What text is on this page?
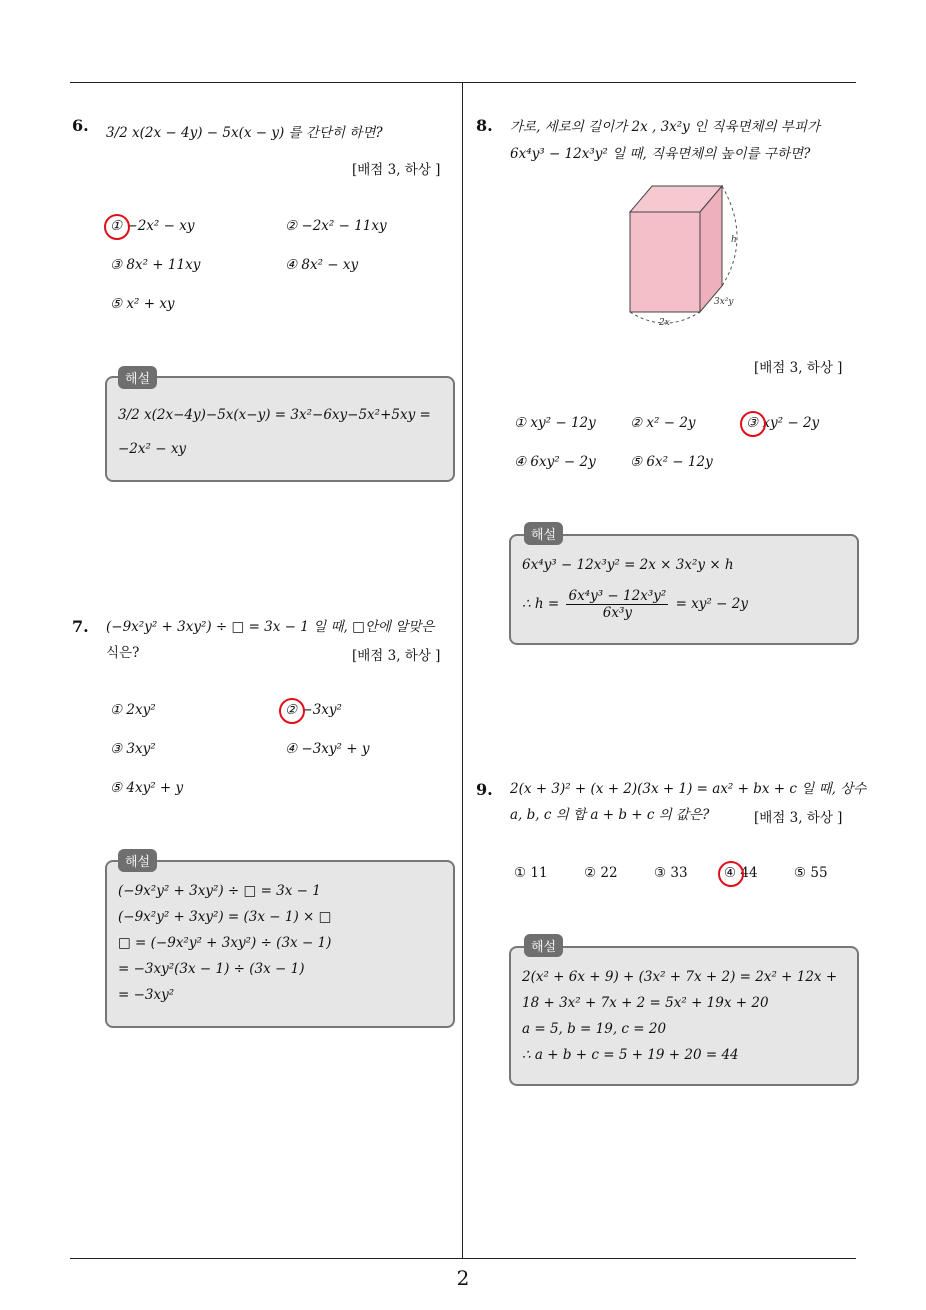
2
6. 3/2 x(2x − 4y) − 5x(x − y) 를 간단히 하면?
[배점 3, 하상 ]
① −2x² − xy	② −2x² − 11xy
③ 8x² + 11xy	④ 8x² − xy
⑤ x² + xy
해설
3/2 x(2x−4y)−5x(x−y) = 3x²−6xy−5x²+5xy =
−2x² − xy
7. (−9x²y² + 3xy²) ÷ □ = 3x − 1 일 때, □안에 알맞은
식은?	[배점 3, 하상 ]
① 2xy²	② −3xy²
③ 3xy²	④ −3xy² + y
⑤ 4xy² + y
해설
(−9x²y² + 3xy²) ÷ □ = 3x − 1
(−9x²y² + 3xy²) = (3x − 1) × □
□ = (−9x²y² + 3xy²) ÷ (3x − 1)
= −3xy²(3x − 1) ÷ (3x − 1)
= −3xy²
8. 가로, 세로의 길이가 2x , 3x²y 인 직육면체의 부피가
6x⁴y³ − 12x³y² 일 때, 직육면체의 높이를 구하면?
2x
3x²y
h
[배점 3, 하상 ]
① xy² − 12y	② x² − 2y	③ xy² − 2y
④ 6xy² − 2y	⑤ 6x² − 12y
해설
6x⁴y³ − 12x³y² = 2x × 3x²y × h
∴ $h = \frac{\text{6x⁴y³ − 12x³y²}}{\text{6x³y}} = xy^2 - 2y$
9. 2(x + 3)² + (x + 2)(3x + 1) = ax² + bx + c 일 때, 상수
a, b, c 의 합 a + b + c 의 값은?	[배점 3, 하상 ]
① 11	② 22	③ 33	④ 44	⑤ 55
해설
2(x² + 6x + 9) + (3x² + 7x + 2) = 2x² + 12x +
18 + 3x² + 7x + 2 = 5x² + 19x + 20
a = 5, b = 19, c = 20
∴ a + b + c = 5 + 19 + 20 = 44
